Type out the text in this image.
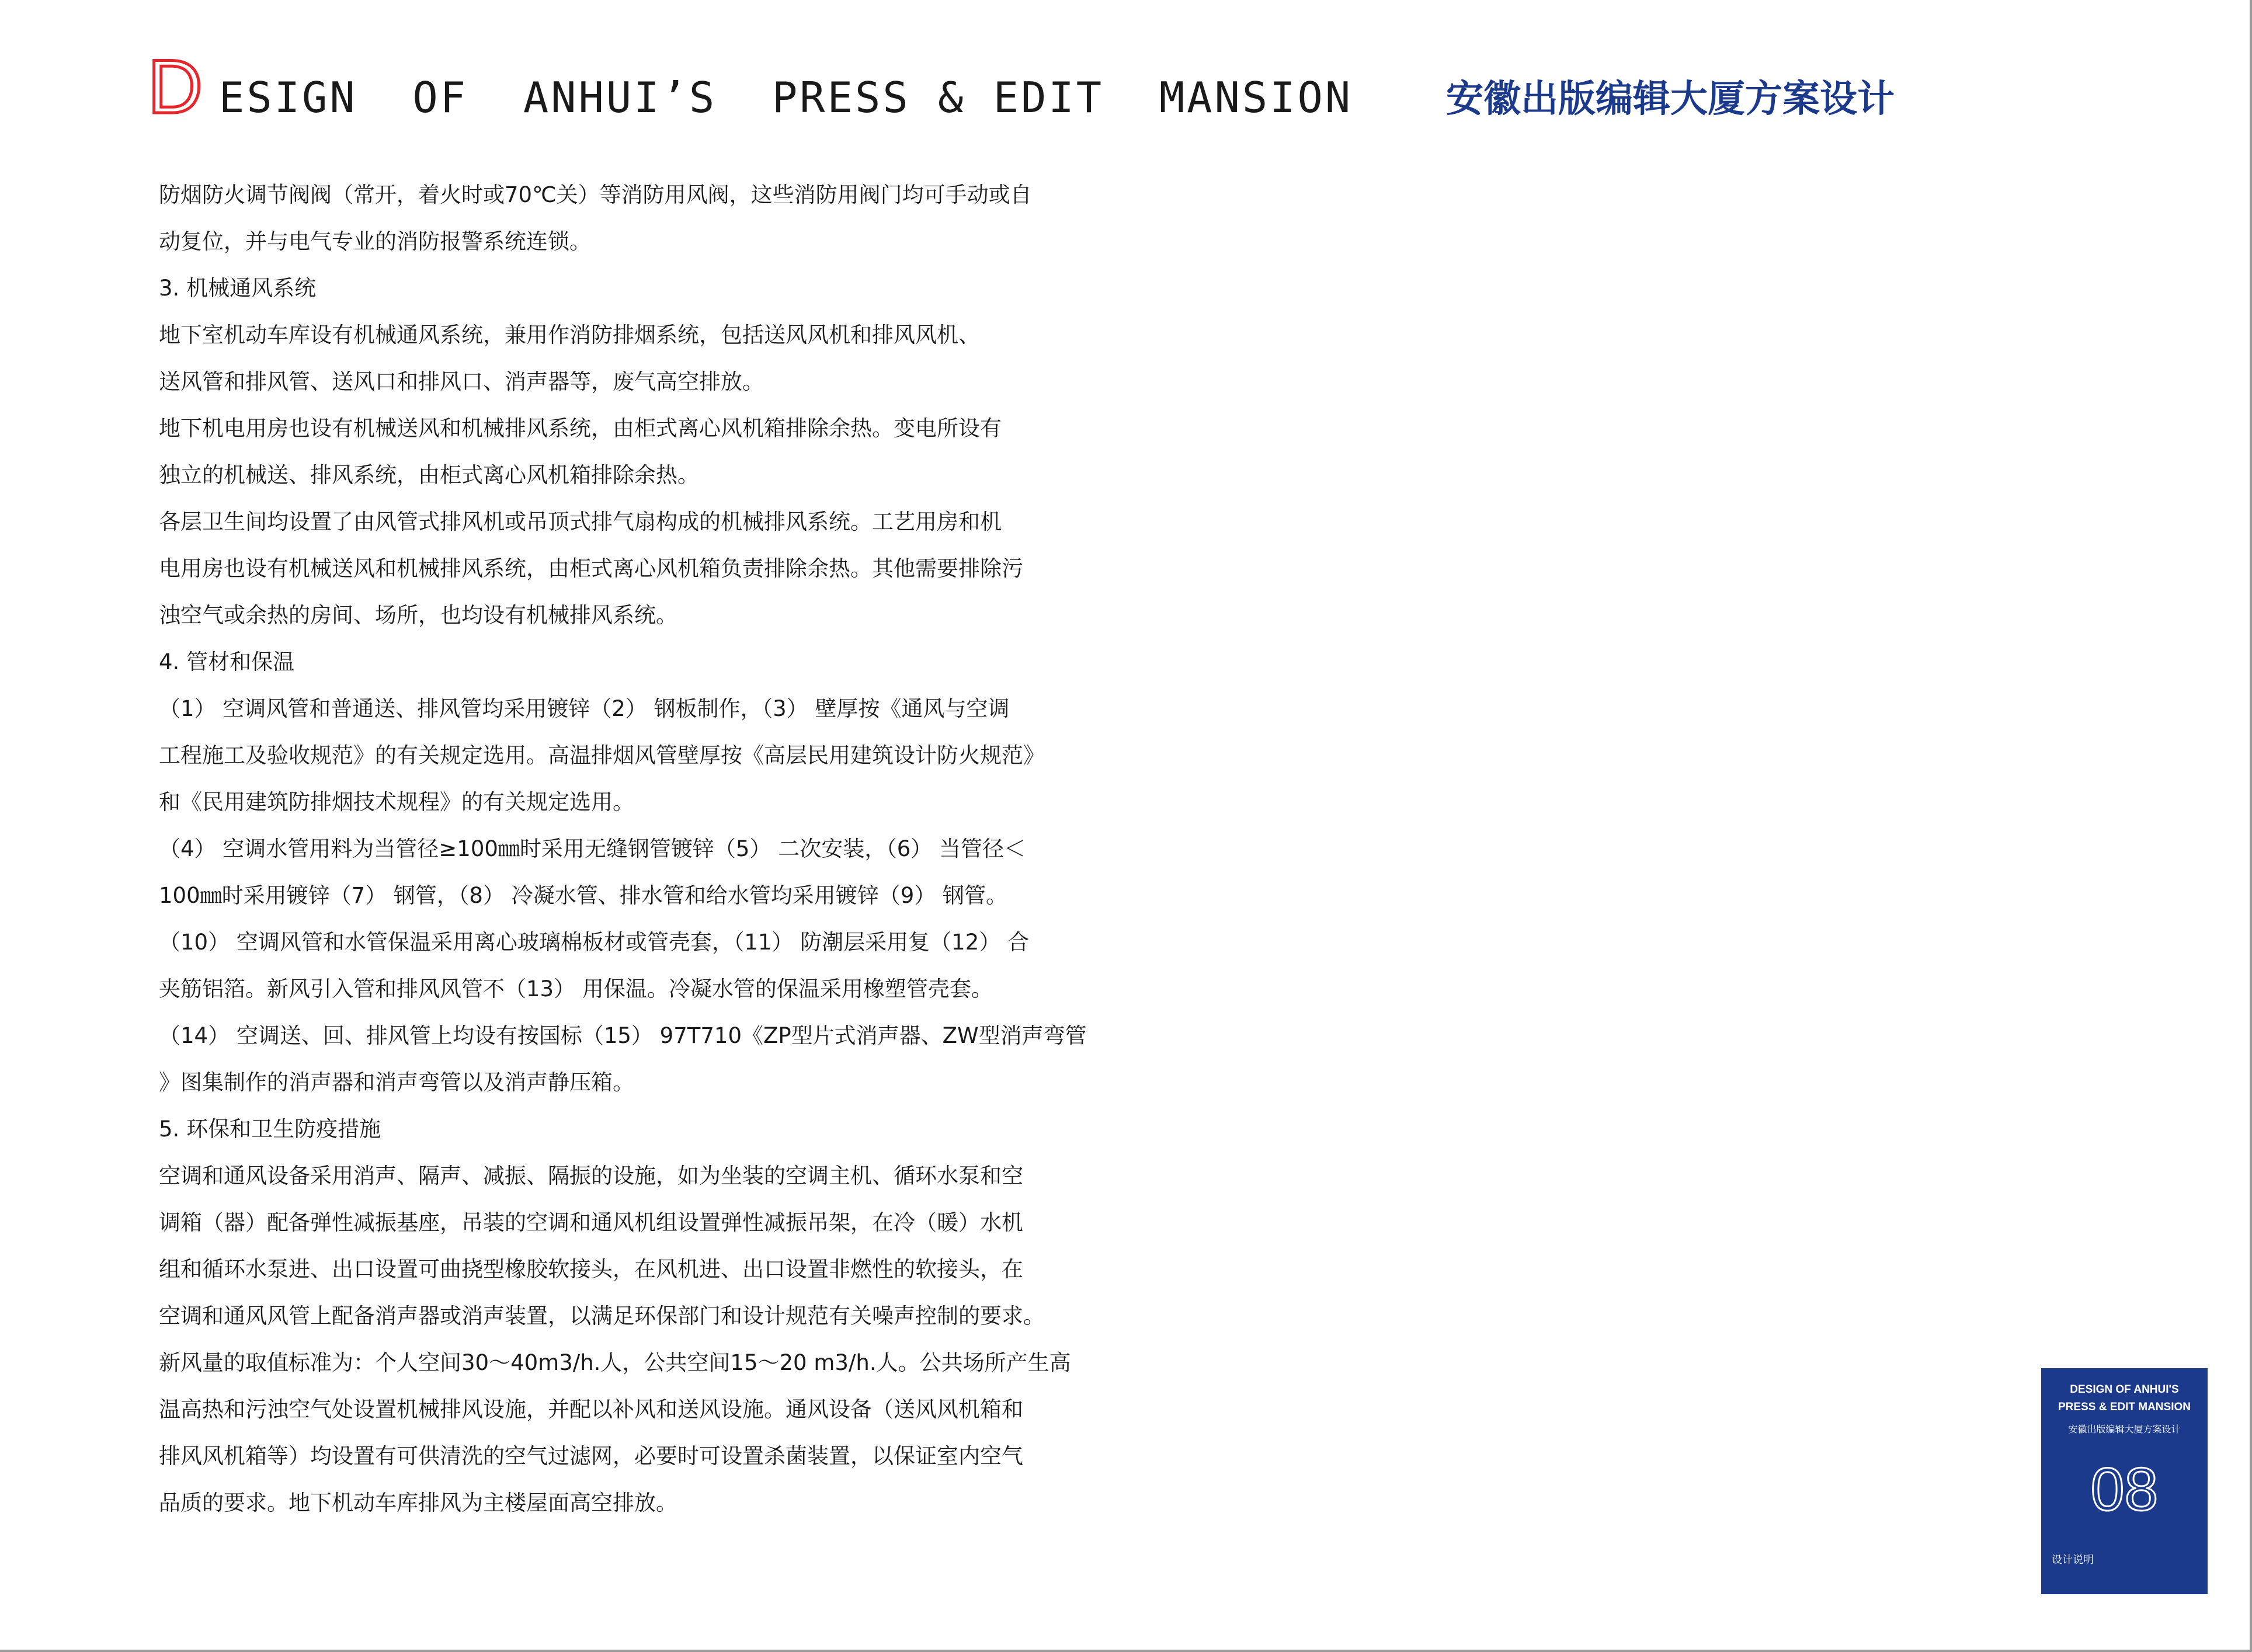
D ESIGN  OF  ANHUI’S  PRESS & EDIT  MANSION 安徽出版编辑大厦方案设计
防烟防火调节阀阀（常开，着火时或70℃关）等消防用风阀，这些消防用阀门均可手动或自
动复位，并与电气专业的消防报警系统连锁。
3. 机械通风系统
地下室机动车库设有机械通风系统，兼用作消防排烟系统，包括送风风机和排风风机、
送风管和排风管、送风口和排风口、消声器等，废气高空排放。
地下机电用房也设有机械送风和机械排风系统，由柜式离心风机箱排除余热。变电所设有
独立的机械送、排风系统，由柜式离心风机箱排除余热。
各层卫生间均设置了由风管式排风机或吊顶式排气扇构成的机械排风系统。工艺用房和机
电用房也设有机械送风和机械排风系统，由柜式离心风机箱负责排除余热。其他需要排除污
浊空气或余热的房间、场所，也均设有机械排风系统。
4. 管材和保温
（1） 空调风管和普通送、排风管均采用镀锌（2） 钢板制作，（3） 壁厚按《通风与空调
工程施工及验收规范》的有关规定选用。高温排烟风管壁厚按《高层民用建筑设计防火规范》
和《民用建筑防排烟技术规程》的有关规定选用。
（4） 空调水管用料为当管径≥100㎜时采用无缝钢管镀锌（5） 二次安装，（6） 当管径＜
100㎜时采用镀锌（7） 钢管，（8） 冷凝水管、排水管和给水管均采用镀锌（9） 钢管。
（10） 空调风管和水管保温采用离心玻璃棉板材或管壳套，（11） 防潮层采用复（12） 合
夹筋铝箔。新风引入管和排风风管不（13） 用保温。冷凝水管的保温采用橡塑管壳套。
（14） 空调送、回、排风管上均设有按国标（15） 97T710《ZP型片式消声器、ZW型消声弯管
》图集制作的消声器和消声弯管以及消声静压箱。
5. 环保和卫生防疫措施
空调和通风设备采用消声、隔声、减振、隔振的设施，如为坐装的空调主机、循环水泵和空
调箱（器）配备弹性减振基座，吊装的空调和通风机组设置弹性减振吊架，在冷（暖）水机
组和循环水泵进、出口设置可曲挠型橡胶软接头，在风机进、出口设置非燃性的软接头，在
空调和通风风管上配备消声器或消声装置，以满足环保部门和设计规范有关噪声控制的要求。
新风量的取值标准为：个人空间30～40m3/h.人，公共空间15～20 m3/h.人。公共场所产生高
温高热和污浊空气处设置机械排风设施，并配以补风和送风设施。通风设备（送风风机箱和
排风风机箱等）均设置有可供清洗的空气过滤网，必要时可设置杀菌装置，以保证室内空气
品质的要求。地下机动车库排风为主楼屋面高空排放。
DESIGN OF ANHUI'S
PRESS & EDIT MANSION
安徽出版编辑大厦方案设计
08
设计说明
